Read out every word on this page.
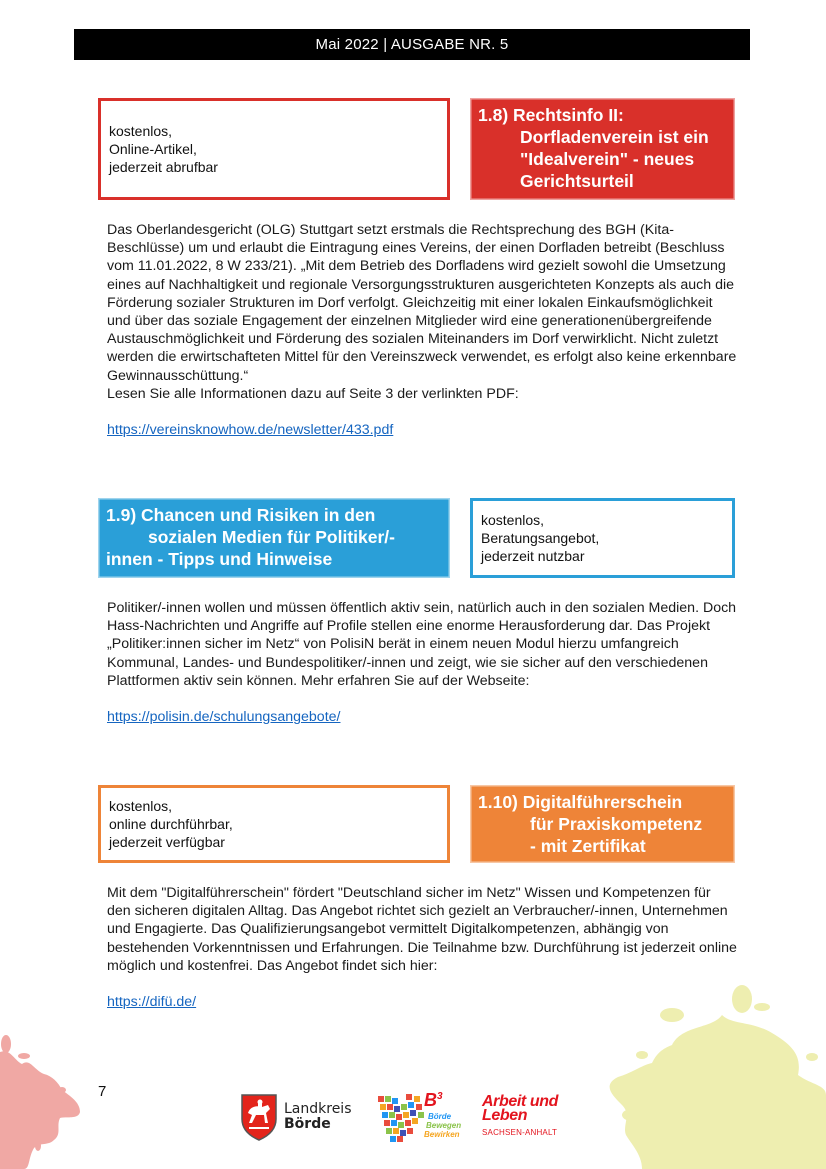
Mai 2022 | AUSGABE NR. 5
kostenlos,
Online-Artikel,
jederzeit abrufbar
1.8) Rechtsinfo II:
Dorfladenverein ist ein
"Idealverein" - neues
Gerichtsurteil

Das Oberlandesgericht (OLG) Stuttgart setzt erstmals die Rechtsprechung des BGH (Kita-Beschlüsse) um und erlaubt die Eintragung eines Vereins, der einen Dorfladen betreibt (Beschluss vom 11.01.2022, 8 W 233/21). „Mit dem Betrieb des Dorfladens wird gezielt sowohl die Umsetzung eines auf Nachhaltigkeit und regionale Versorgungsstrukturen ausgerichteten Konzepts als auch die Förderung sozialer Strukturen im Dorf verfolgt. Gleichzeitig mit einer lokalen Einkaufsmöglichkeit und über das soziale Engagement der einzelnen Mitglieder wird eine generationenübergreifende Austauschmöglichkeit und Förderung des sozialen Miteinanders im Dorf verwirklicht. Nicht zuletzt werden die erwirtschafteten Mittel für den Vereinszweck verwendet, es erfolgt also keine erkennbare Gewinnausschüttung.“

Lesen Sie alle Informationen dazu auf Seite 3 der verlinkten PDF:

https://vereinsknowhow.de/newsletter/433.pdf
1.9) Chancen und Risiken in den
sozialen Medien für Politiker/-
innen - Tipps und Hinweise
kostenlos,
Beratungsangebot,
jederzeit nutzbar

Politiker/-innen wollen und müssen öffentlich aktiv sein, natürlich auch in den sozialen Medien. Doch Hass-Nachrichten und Angriffe auf Profile stellen eine enorme Herausforderung dar. Das Projekt „Politiker:innen sicher im Netz“ von PolisiN berät in einem neuen Modul hierzu umfangreich Kommunal, Landes- und Bundespolitiker/-innen und zeigt, wie sie sicher auf den verschiedenen Plattformen aktiv sein können. Mehr erfahren Sie auf der Webseite:

https://polisin.de/schulungsangebote/
kostenlos,
online durchführbar,
jederzeit verfügbar
1.10) Digitalführerschein
für Praxiskompetenz
- mit Zertifikat

Mit dem "Digitalführerschein" fördert "Deutschland sicher im Netz" Wissen und Kompetenzen für den sicheren digitalen Alltag. Das Angebot richtet sich gezielt an Verbraucher/-innen, Unternehmen und Engagierte. Das Qualifizierungsangebot vermittelt Digitalkompetenzen, abhängig von bestehenden Vorkenntnissen und Erfahrungen. Die Teilnahme bzw. Durchführung ist jederzeit online möglich und kostenfrei. Das Angebot findet sich hier:

https://difü.de/
7
Landkreis
Börde
$B^3$
Börde
Bewegen
Bewirken
Arbeit und
Leben
SACHSEN-ANHALT
